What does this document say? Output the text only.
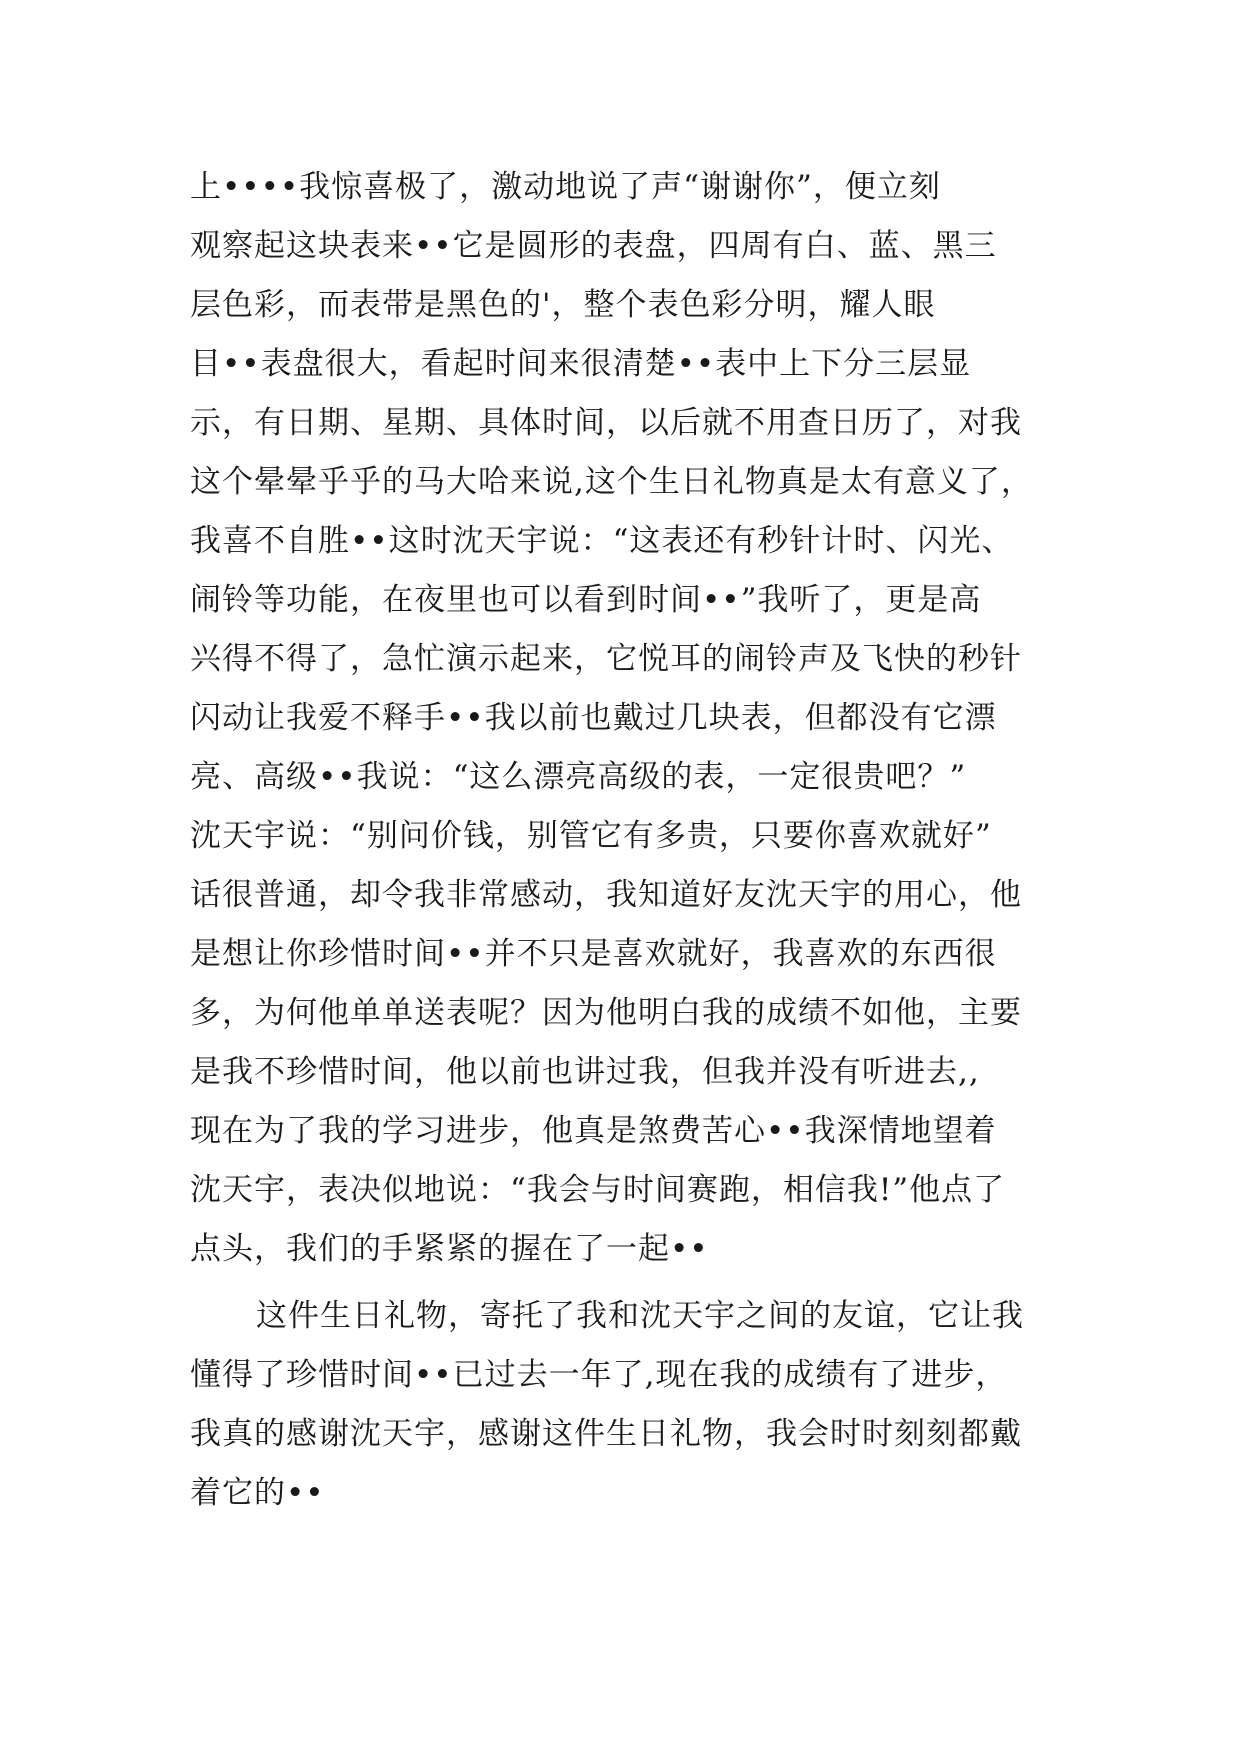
上••••我惊喜极了，激动地说了声“谢谢你”，便立刻
观察起这块表来••它是圆形的表盘，四周有白、蓝、黑三
层色彩，而表带是黑色的'，整个表色彩分明，耀人眼
目••表盘很大，看起时间来很清楚••表中上下分三层显
示，有日期、星期、具体时间，以后就不用查日历了，对我
这个晕晕乎乎的马大哈来说,这个生日礼物真是太有意义了，
我喜不自胜••这时沈天宇说：“这表还有秒针计时、闪光、
闹铃等功能，在夜里也可以看到时间••”我听了，更是高
兴得不得了，急忙演示起来，它悦耳的闹铃声及飞快的秒针
闪动让我爱不释手••我以前也戴过几块表，但都没有它漂
亮、高级••我说：“这么漂亮高级的表，一定很贵吧？”
沈天宇说：“别问价钱，别管它有多贵，只要你喜欢就好”
话很普通，却令我非常感动，我知道好友沈天宇的用心，他
是想让你珍惜时间••并不只是喜欢就好，我喜欢的东西很
多，为何他单单送表呢？因为他明白我的成绩不如他，主要
是我不珍惜时间，他以前也讲过我，但我并没有听进去,,
现在为了我的学习进步，他真是煞费苦心••我深情地望着
沈天宇，表决似地说：“我会与时间赛跑，相信我!”他点了
点头，我们的手紧紧的握在了一起••
这件生日礼物，寄托了我和沈天宇之间的友谊，它让我
懂得了珍惜时间••已过去一年了,现在我的成绩有了进步，
我真的感谢沈天宇，感谢这件生日礼物，我会时时刻刻都戴
着它的••
